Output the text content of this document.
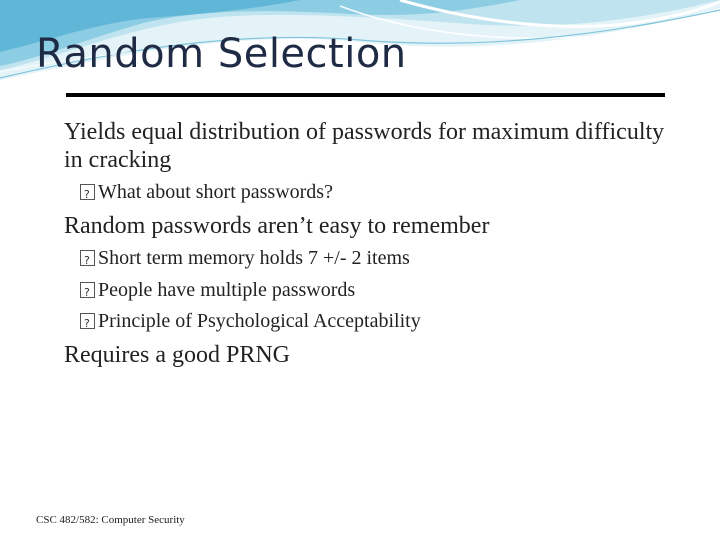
Random Selection
Yields equal distribution of passwords for maximum difficulty in cracking
?What about short passwords?
Random passwords aren’t easy to remember
?Short term memory holds 7 +/- 2 items
?People have multiple passwords
?Principle of Psychological Acceptability
Requires a good PRNG
CSC 482/582: Computer Security
